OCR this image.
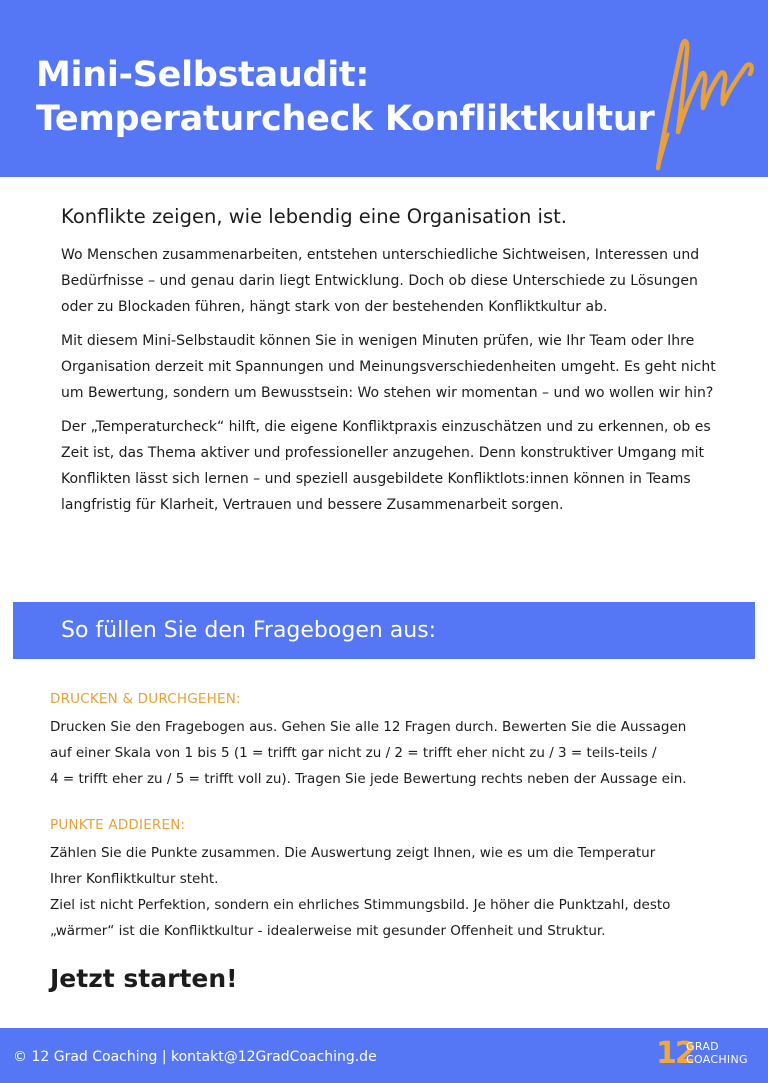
Mini-Selbstaudit:
Temperaturcheck Konfliktkultur
Konflikte zeigen, wie lebendig eine Organisation ist.

Wo Menschen zusammenarbeiten, entstehen unterschiedliche Sichtweisen, Interessen und Bedürfnisse – und genau darin liegt Entwicklung. Doch ob diese Unterschiede zu Lösungen oder zu Blockaden führen, hängt stark von der bestehenden Konfliktkultur ab.

Mit diesem Mini-Selbstaudit können Sie in wenigen Minuten prüfen, wie Ihr Team oder Ihre Organisation derzeit mit Spannungen und Meinungsverschiedenheiten umgeht. Es geht nicht um Bewertung, sondern um Bewusstsein: Wo stehen wir momentan – und wo wollen wir hin?

Der „Temperaturcheck“ hilft, die eigene Konfliktpraxis einzuschätzen und zu erkennen, ob es Zeit ist, das Thema aktiver und professioneller anzugehen. Denn konstruktiver Umgang mit Konflikten lässt sich lernen – und speziell ausgebildete Konfliktlots:innen können in Teams langfristig für Klarheit, Vertrauen und bessere Zusammenarbeit sorgen.

So füllen Sie den Fragebogen aus:
DRUCKEN & DURCHGEHEN:

Drucken Sie den Fragebogen aus. Gehen Sie alle 12 Fragen durch. Bewerten Sie die Aussagen

auf einer Skala von 1 bis 5 (1 = trifft gar nicht zu / 2 = trifft eher nicht zu / 3 = teils-teils /

4 = trifft eher zu / 5 = trifft voll zu). Tragen Sie jede Bewertung rechts neben der Aussage ein.

PUNKTE ADDIEREN:

Zählen Sie die Punkte zusammen. Die Auswertung zeigt Ihnen, wie es um die Temperatur

Ihrer Konfliktkultur steht.

Ziel ist nicht Perfektion, sondern ein ehrliches Stimmungsbild. Je höher die Punktzahl, desto

„wärmer“ ist die Konfliktkultur - idealerweise mit gesunder Offenheit und Struktur.

Jetzt starten!
© 12 Grad Coaching | kontakt@12GradCoaching.de	12
GRAD
COACHING
